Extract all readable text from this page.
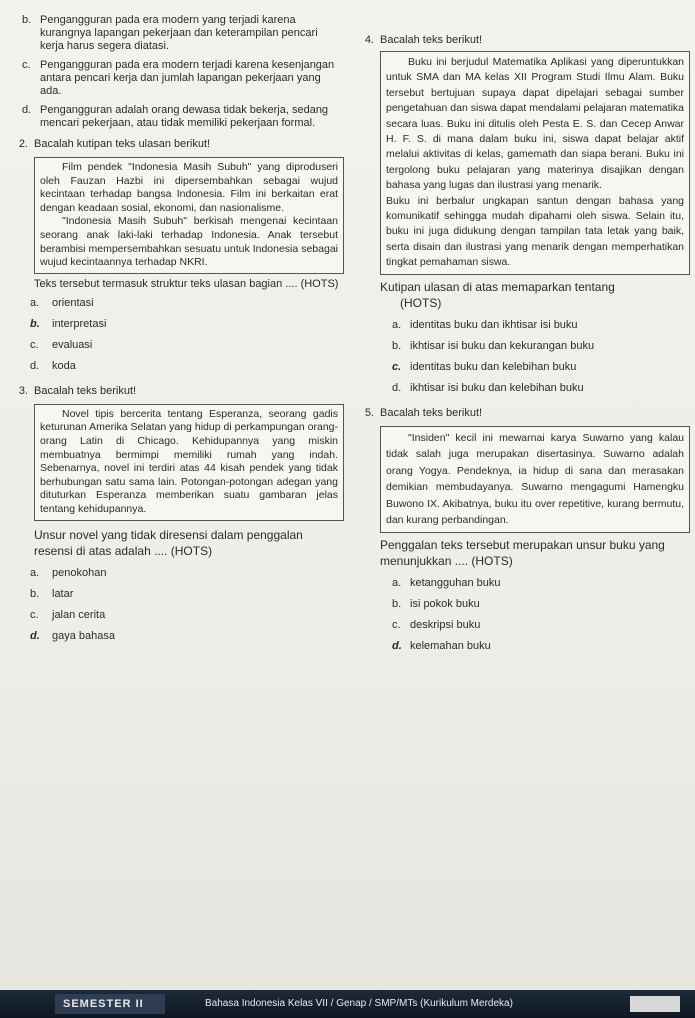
b. Pengangguran pada era modern yang terjadi karena kurangnya lapangan pekerjaan dan keterampilan pencari kerja harus segera diatasi.
c. Pengangguran pada era modern terjadi karena kesenjangan antara pencari kerja dan jumlah lapangan pekerjaan yang ada.
d. Pengangguran adalah orang dewasa tidak bekerja, sedang mencari pekerjaan, atau tidak memiliki pekerjaan formal.
2. Bacalah kutipan teks ulasan berikut!

Film pendek "Indonesia Masih Subuh" yang diproduseri oleh Fauzan Hazbi ini dipersembahkan sebagai wujud kecintaan terhadap bangsa Indonesia. Film ini berkaitan erat dengan keadaan sosial, ekonomi, dan nasionalisme.

"Indonesia Masih Subuh" berkisah mengenai kecintaan seorang anak laki-laki terhadap Indonesia. Anak tersebut berambisi mempersembahkan sesuatu untuk Indonesia sebagai wujud kecintaannya terhadap NKRI.

Teks tersebut termasuk struktur teks ulasan bagian .... (HOTS)
a. orientasi
b. interpretasi
c. evaluasi
d. koda
3. Bacalah teks berikut!

Novel tipis bercerita tentang Esperanza, seorang gadis keturunan Amerika Selatan yang hidup di perkampungan orang-orang Latin di Chicago. Kehidupannya yang miskin membuatnya bermimpi memiliki rumah yang indah. Sebenarnya, novel ini terdiri atas 44 kisah pendek yang tidak berhubungan satu sama lain. Potongan-potongan adegan yang dituturkan Esperanza memberikan suatu gambaran jelas tentang kehidupannya.

Unsur novel yang tidak diresensi dalam penggalan resensi di atas adalah .... (HOTS)
a. penokohan
b. latar
c. jalan cerita
d. gaya bahasa
4. Bacalah teks berikut!

Buku ini berjudul Matematika Aplikasi yang diperuntukkan untuk SMA dan MA kelas XII Program Studi Ilmu Alam. Buku tersebut bertujuan supaya dapat dipelajari sebagai sumber pengetahuan dan siswa dapat mendalami pelajaran matematika secara luas. Buku ini ditulis oleh Pesta E. S. dan Cecep Anwar H. F. S. di mana dalam buku ini, siswa dapat belajar aktif melalui aktivitas di kelas, gamemath dan siapa berani. Buku ini tergolong buku pelajaran yang materinya disajikan dengan bahasa yang lugas dan ilustrasi yang menarik.

Buku ini berbalur ungkapan santun dengan bahasa yang komunikatif sehingga mudah dipahami oleh siswa. Selain itu, buku ini juga didukung dengan tampilan tata letak yang baik, serta disain dan ilustrasi yang menarik dengan memperhatikan tingkat pemahaman siswa.

Kutipan ulasan di atas memaparkan tentang
(HOTS)
a. identitas buku dan ikhtisar isi buku
b. ikhtisar isi buku dan kekurangan buku
c. identitas buku dan kelebihan buku
d. ikhtisar isi buku dan kelebihan buku
5. Bacalah teks berikut!

"Insiden" kecil ini mewarnai karya Suwarno yang kalau tidak salah juga merupakan disertasinya. Suwarno adalah orang Yogya. Pendeknya, ia hidup di sana dan merasakan demikian membudayanya. Suwarno mengagumi Hamengku Buwono IX. Akibatnya, buku itu over repetitive, kurang bermutu, dan kurang perbandingan.

Penggalan teks tersebut merupakan unsur buku yang menunjukkan .... (HOTS)
a. ketangguhan buku
b. isi pokok buku
c. deskripsi buku
d. kelemahan buku
SEMESTER II	Bahasa Indonesia Kelas VII / Genap / SMP/MTs (Kurikulum Merdeka)
